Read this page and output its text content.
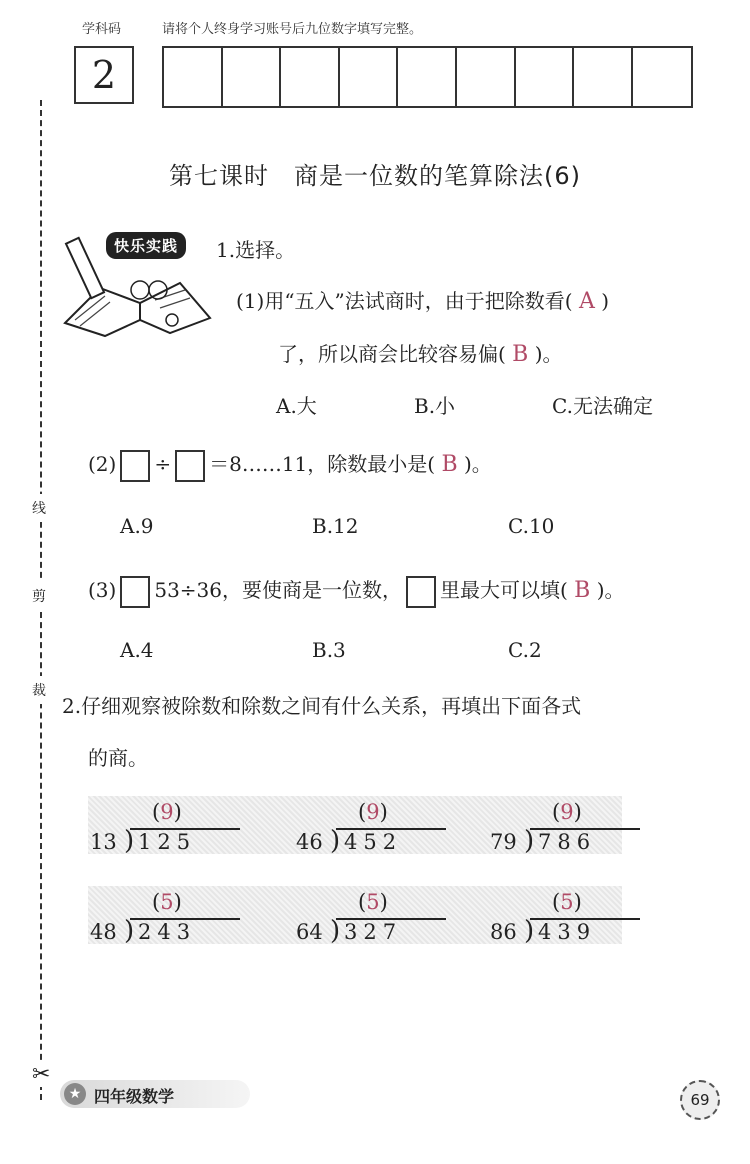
学科码	请将个人终身学习账号后九位数字填写完整。
2
线
剪
裁
✂
第七课时　商是一位数的笔算除法(6)
快乐实践	1.选择。
(1)用“五入”法试商时，由于把除数看( A )
了，所以商会比较容易偏( B )。
A.大	B.小	C.无法确定
(2) ÷ ＝8……11，除数最小是( B )。
A.9	B.12	C.10
(3) 53÷36，要使商是一位数， 里最大可以填( B )。
A.4	B.3	C.2
2.仔细观察被除数和除数之间有什么关系，再填出下面各式
的商。
(9)
13 ) 125
(9)
46 ) 452
(9)
79 ) 786
(5)
48 ) 243
(5)
64 ) 327
(5)
86 ) 439
★ 四年级数学	69
